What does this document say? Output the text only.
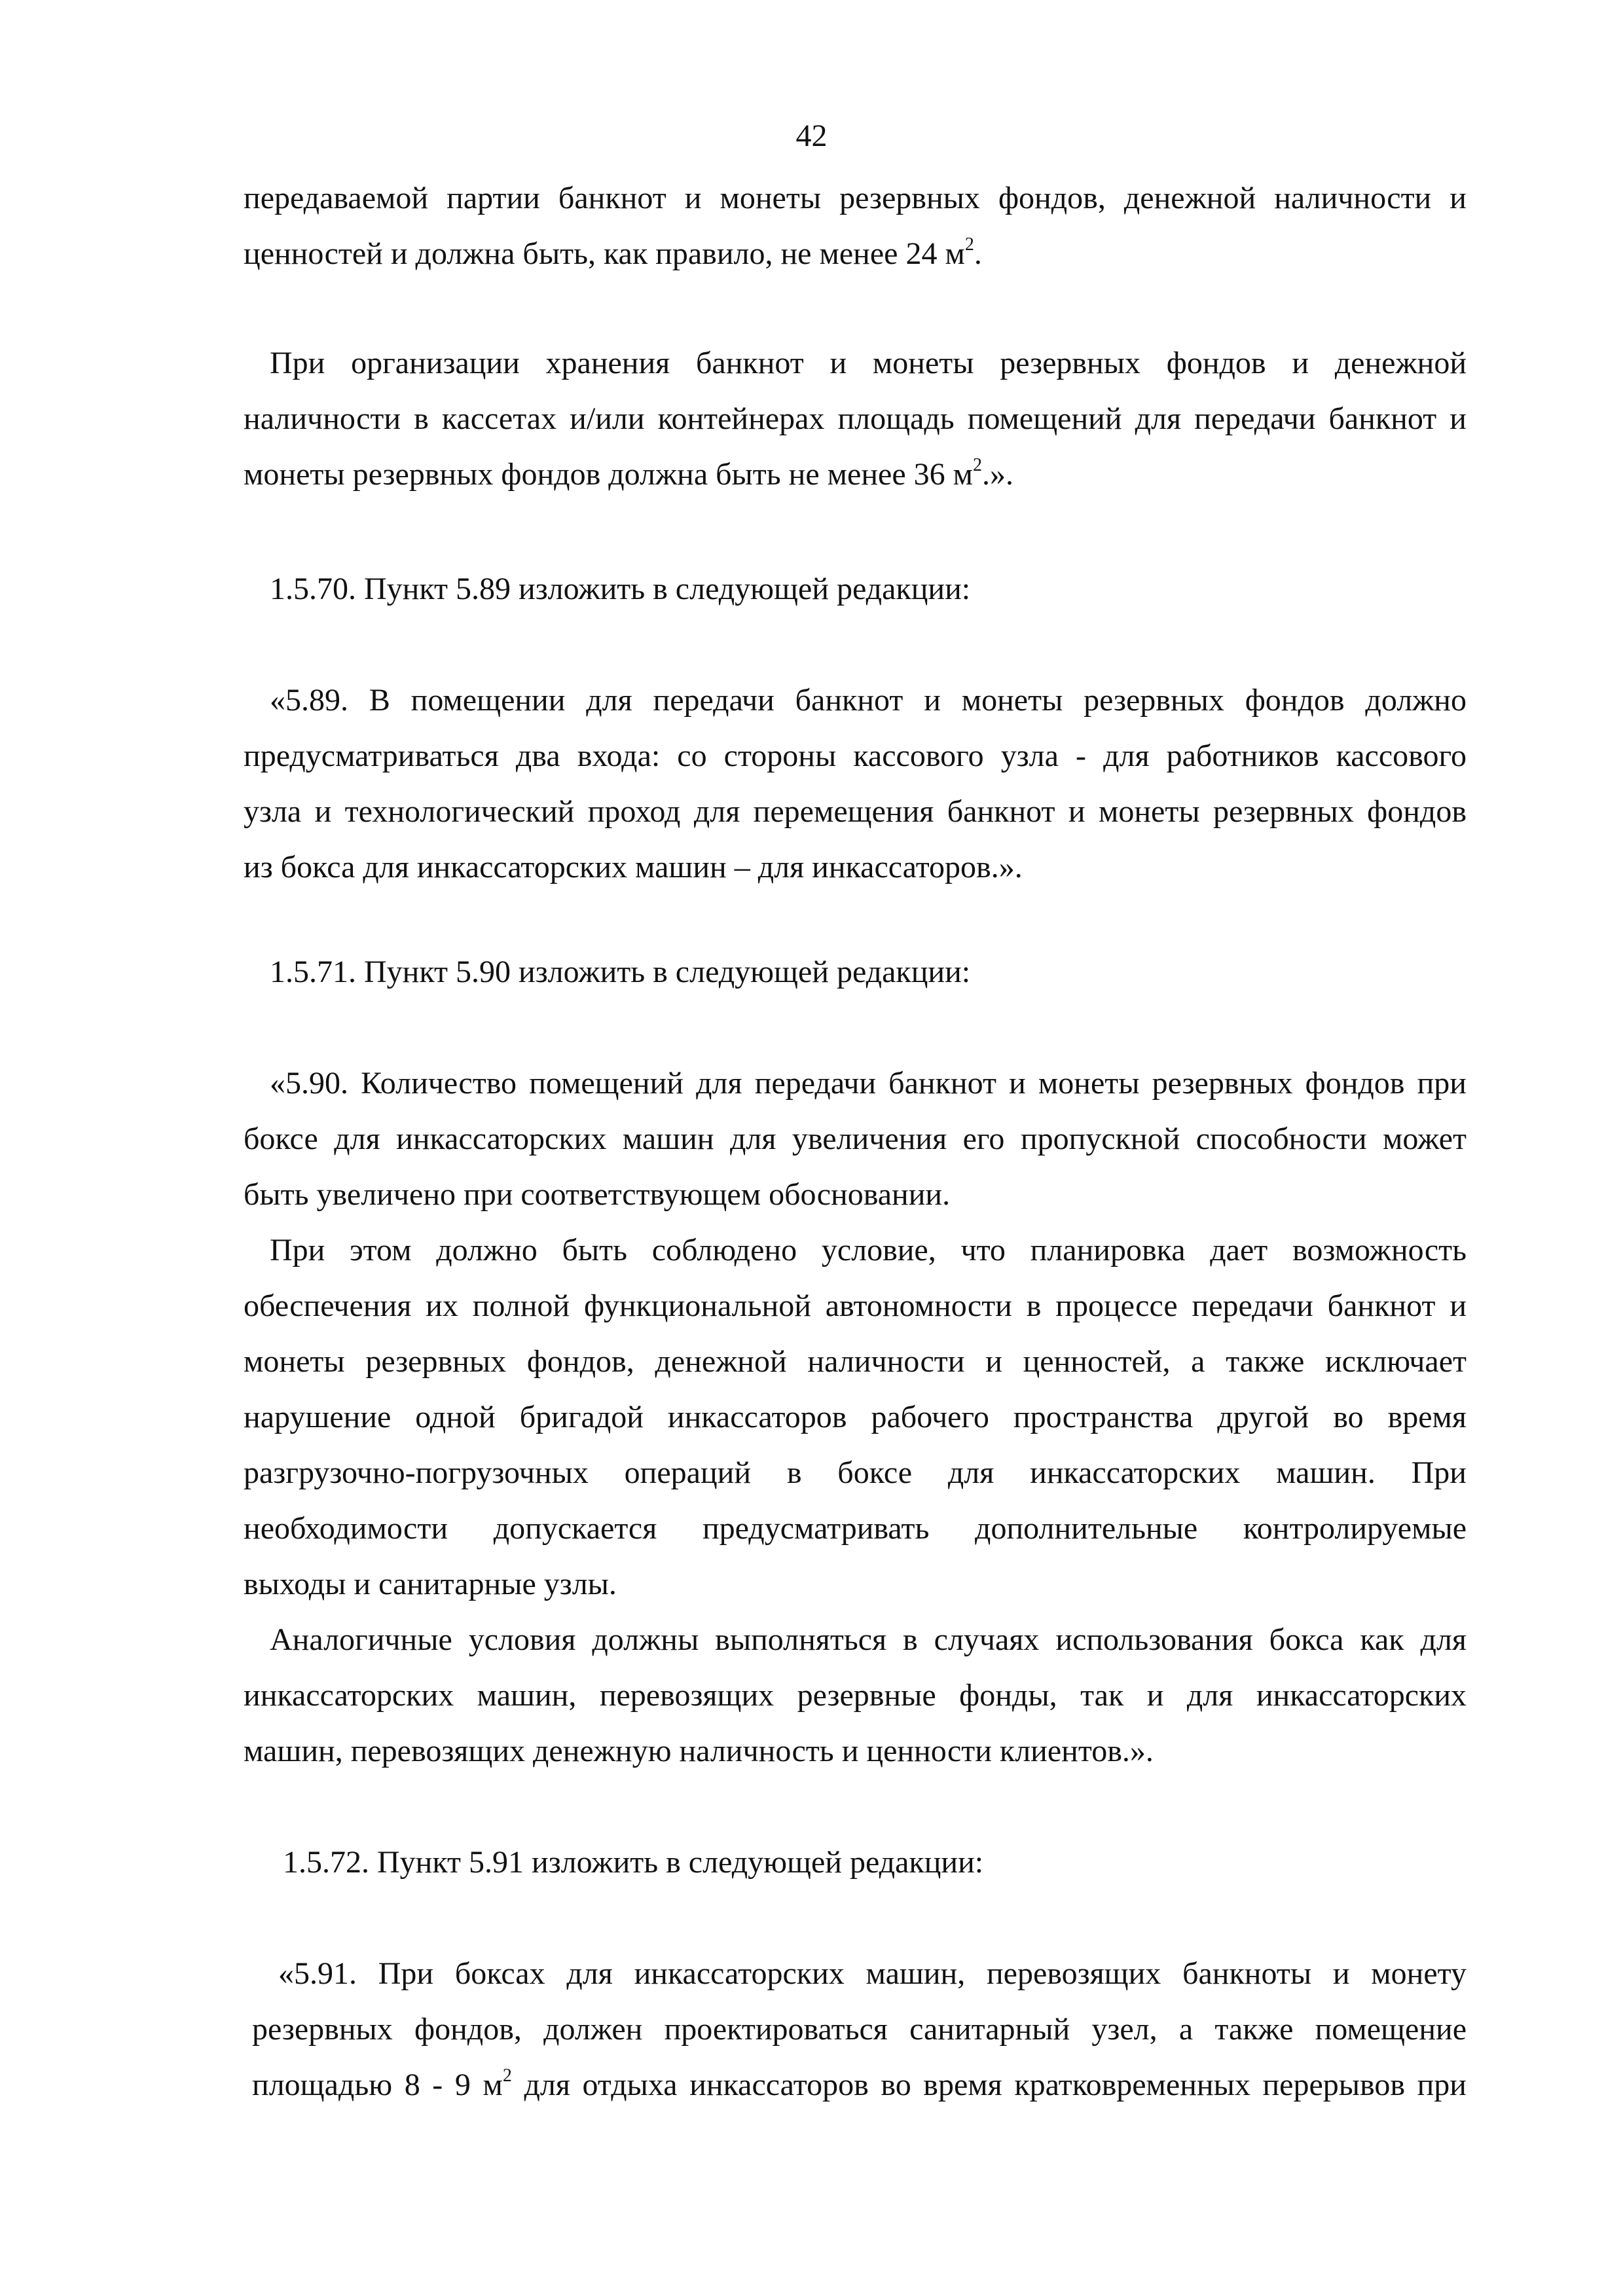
42
передаваемой партии банкнот и монеты резервных фондов, денежной наличности и
ценностей и должна быть, как правило, не менее 24 $м^2$.
При организации хранения банкнот и монеты резервных фондов и денежной
наличности в кассетах и/или контейнерах площадь помещений для передачи банкнот и
монеты резервных фондов должна быть не менее 36 $м^2$.».
1.5.70. Пункт 5.89 изложить в следующей редакции:
«5.89. В помещении для передачи банкнот и монеты резервных фондов должно
предусматриваться два входа: со стороны кассового узла - для работников кассового
узла и технологический проход для перемещения банкнот и монеты резервных фондов
из бокса для инкассаторских машин – для инкассаторов.».
1.5.71. Пункт 5.90 изложить в следующей редакции:
«5.90. Количество помещений для передачи банкнот и монеты резервных фондов при
боксе для инкассаторских машин для увеличения его пропускной способности может
быть увеличено при соответствующем обосновании.
При этом должно быть соблюдено условие, что планировка дает возможность
обеспечения их полной функциональной автономности в процессе передачи банкнот и
монеты резервных фондов, денежной наличности и ценностей, а также исключает
нарушение одной бригадой инкассаторов рабочего пространства другой во время
разгрузочно-погрузочных операций в боксе для инкассаторских машин. При
необходимости допускается предусматривать дополнительные контролируемые
выходы и санитарные узлы.
Аналогичные условия должны выполняться в случаях использования бокса как для
инкассаторских машин, перевозящих резервные фонды, так и для инкассаторских
машин, перевозящих денежную наличность и ценности клиентов.».
1.5.72. Пункт 5.91 изложить в следующей редакции:
«5.91. При боксах для инкассаторских машин, перевозящих банкноты и монету
резервных фондов, должен проектироваться санитарный узел, а также помещение
площадью 8 - 9 $м^2$ для отдыха инкассаторов во время кратковременных перерывов при
